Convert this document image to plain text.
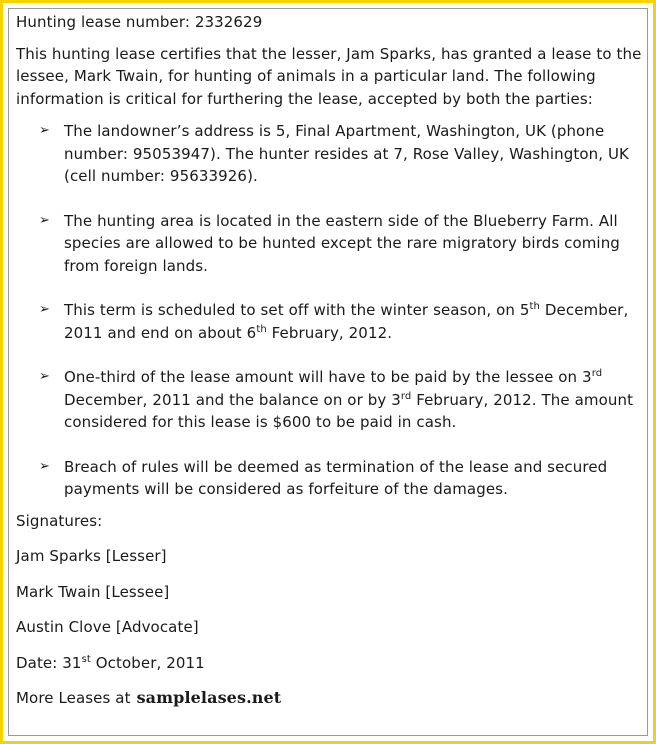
Hunting lease number: 2332629

This hunting lease certifies that the lesser, Jam Sparks, has granted a lease to the lessee, Mark Twain, for hunting of animals in a particular land. The following information is critical for furthering the lease, accepted by both the parties:

➢ The landowner’s address is 5, Final Apartment, Washington, UK (phone number: 95053947). The hunter resides at 7, Rose Valley, Washington, UK (cell number: 95633926).
➢ The hunting area is located in the eastern side of the Blueberry Farm. All species are allowed to be hunted except the rare migratory birds coming from foreign lands.
➢ This term is scheduled to set off with the winter season, on 5th December, 2011 and end on about 6th February, 2012.
➢ One-third of the lease amount will have to be paid by the lessee on 3rd December, 2011 and the balance on or by 3rd February, 2012. The amount considered for this lease is $600 to be paid in cash.
➢ Breach of rules will be deemed as termination of the lease and secured payments will be considered as forfeiture of the damages.

Signatures:

Jam Sparks [Lesser]

Mark Twain [Lessee]

Austin Clove [Advocate]

Date: 31st October, 2011

More Leases at samplelases.net
